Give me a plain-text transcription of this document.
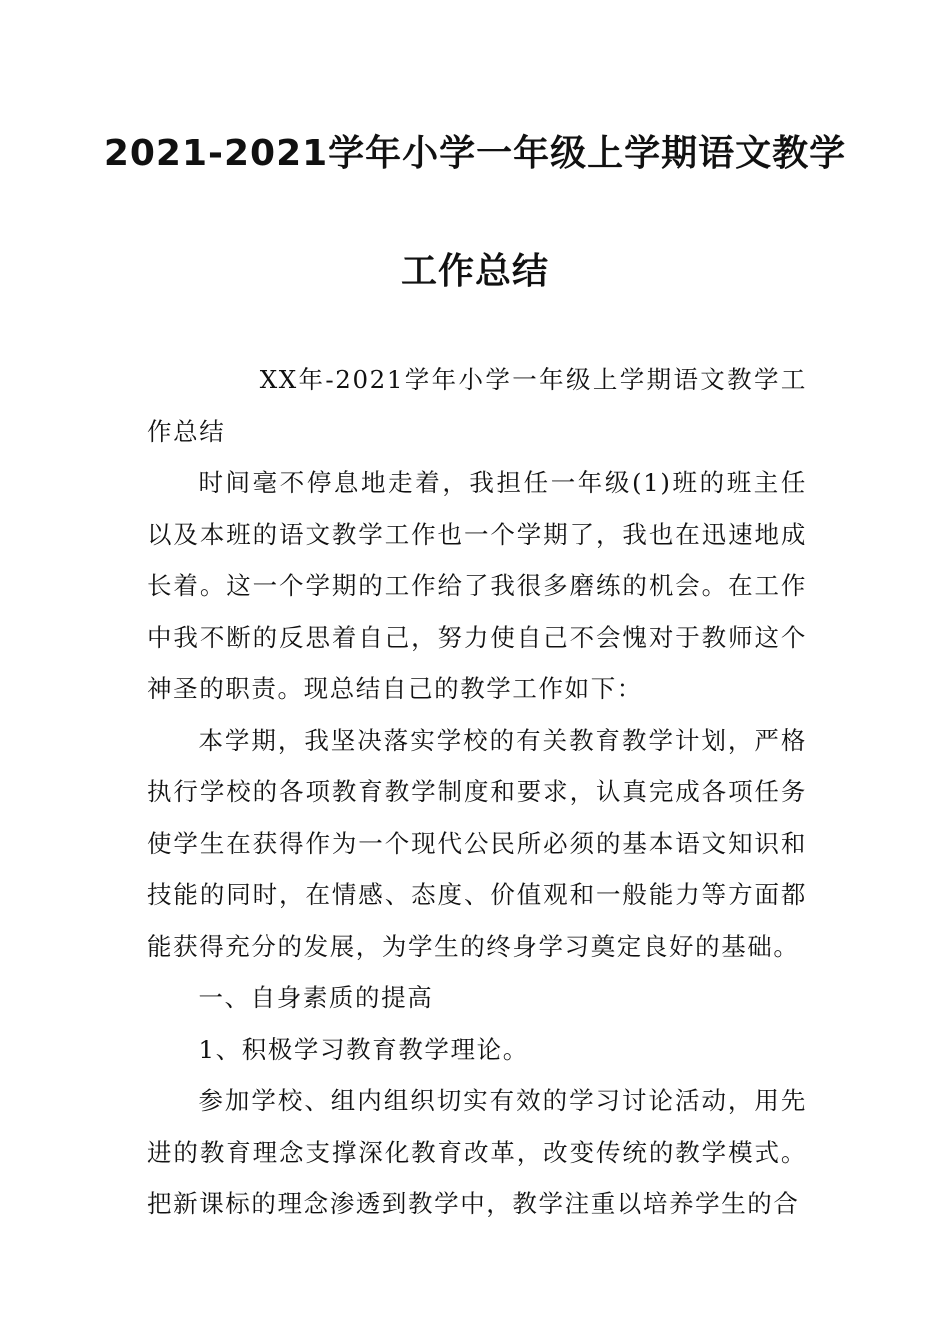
2021-2021学年小学一年级上学期语文教学
工作总结

XX年-2021学年小学一年级上学期语文教学工作总结

时间毫不停息地走着，我担任一年级(1)班的班主任以及本班的语文教学工作也一个学期了，我也在迅速地成长着。这一个学期的工作给了我很多磨练的机会。在工作中我不断的反思着自己，努力使自己不会愧对于教师这个神圣的职责。现总结自己的教学工作如下：

本学期，我坚决落实学校的有关教育教学计划，严格执行学校的各项教育教学制度和要求，认真完成各项任务使学生在获得作为一个现代公民所必须的基本语文知识和技能的同时，在情感、态度、价值观和一般能力等方面都能获得充分的发展，为学生的终身学习奠定良好的基础。

一、自身素质的提高

1、积极学习教育教学理论。

参加学校、组内组织切实有效的学习讨论活动，用先进的教育理念支撑深化教育改革，改变传统的教学模式。把新课标的理念渗透到教学中，教学注重以培养学生的合
